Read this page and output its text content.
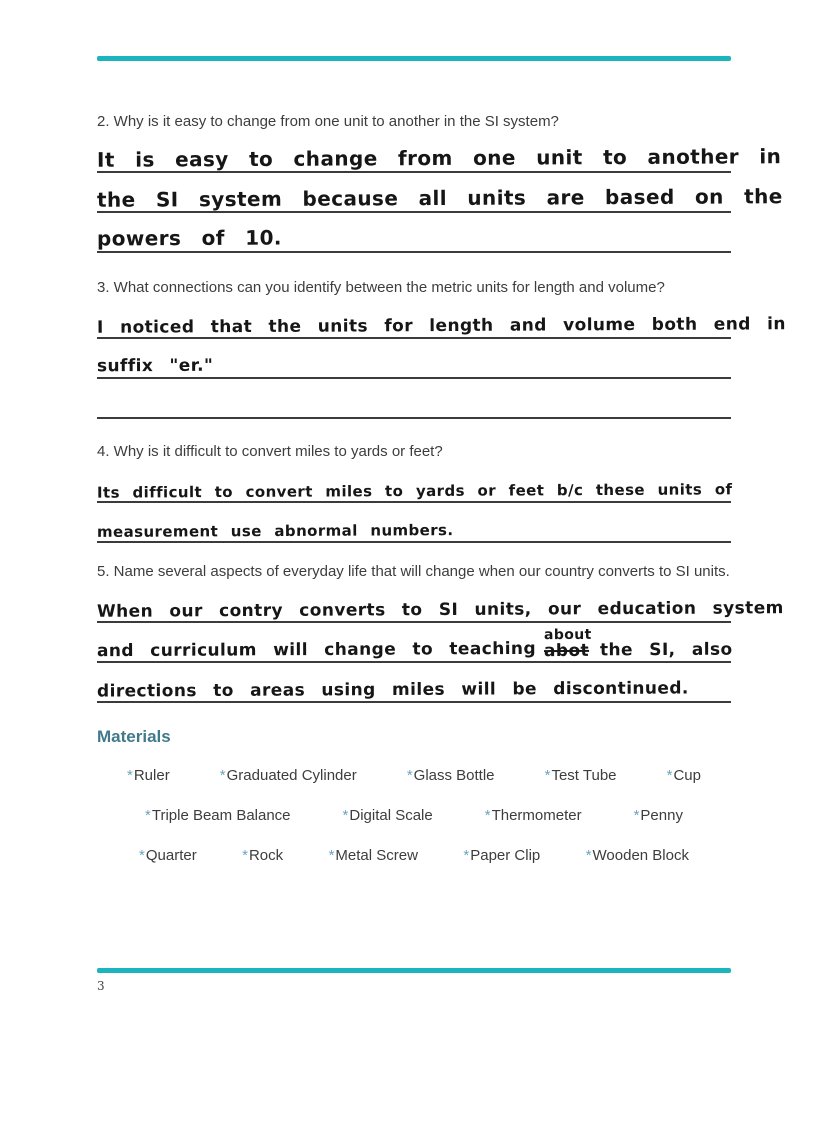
2. Why is it easy to change from one unit to another in the SI system?

It is easy to change from one unit to another in
the SI system because all units are based on the
powers of 10.

3. What connections can you identify between the metric units for length and volume?

I noticed that the units for length and volume both end in
suffix "er."

4. Why is it difficult to convert miles to yards or feet?

Its difficult to convert miles to yards or feet b/c these units of
measurement use abnormal numbers.

5. Name several aspects of everyday life that will change when our country converts to SI units.

When our contry converts to SI units, our education system
and curriculum will change to teaching
about
abot the SI, also
directions to areas using miles will be discontinued.
Materials
*Ruler	*Graduated Cylinder	*Glass Bottle	*Test Tube	*Cup
*Triple Beam Balance	*Digital Scale	*Thermometer	*Penny
*Quarter	*Rock	*Metal Screw	*Paper Clip	*Wooden Block
3
